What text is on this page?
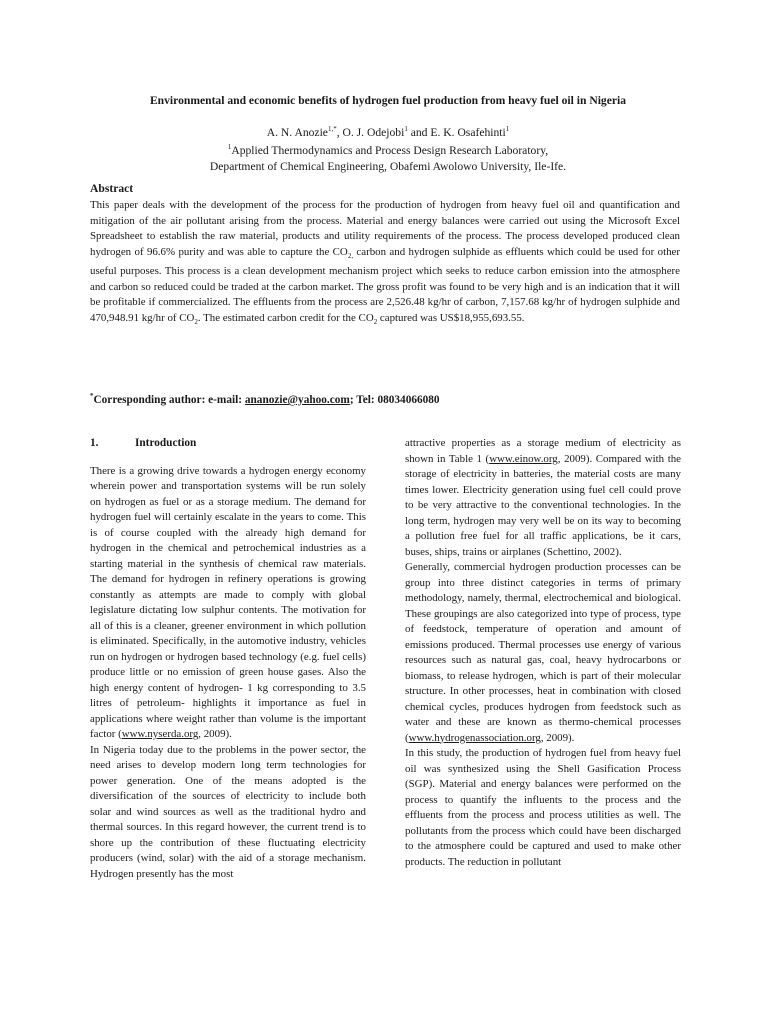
Environmental and economic benefits of hydrogen fuel production from heavy fuel oil in Nigeria
A. N. Anozie$^{1,*}$, O. J. Odejobi$^1$ and E. K. Osafehinti$^1$
$^1$Applied Thermodynamics and Process Design Research Laboratory,
Department of Chemical Engineering, Obafemi Awolowo University, Ile-Ife.
Abstract
This paper deals with the development of the process for the production of hydrogen from heavy fuel oil and quantification and mitigation of the air pollutant arising from the process. Material and energy balances were carried out using the Microsoft Excel Spreadsheet to establish the raw material, products and utility requirements of the process. The process developed produced clean hydrogen of 96.6% purity and was able to capture the $CO_{2,}$ carbon and hydrogen sulphide as effluents which could be used for other useful purposes. This process is a clean development mechanism project which seeks to reduce carbon emission into the atmosphere and carbon so reduced could be traded at the carbon market. The gross profit was found to be very high and is an indication that it will be profitable if commercialized. The effluents from the process are 2,526.48 kg/hr of carbon, 7,157.68 kg/hr of hydrogen sulphide and 470,948.91 kg/hr of $CO_2$. The estimated carbon credit for the $CO_2$ captured was US$18,955,693.55.
*Corresponding author: e-mail: ananozie@yahoo.com; Tel: 08034066080

1.	Introduction

There is a growing drive towards a hydrogen energy economy wherein power and transportation systems will be run solely on hydrogen as fuel or as a storage medium. The demand for hydrogen fuel will certainly escalate in the years to come. This is of course coupled with the already high demand for hydrogen in the chemical and petrochemical industries as a starting material in the synthesis of chemical raw materials. The demand for hydrogen in refinery operations is growing constantly as attempts are made to comply with global legislature dictating low sulphur contents. The motivation for all of this is a cleaner, greener environment in which pollution is eliminated. Specifically, in the automotive industry, vehicles run on hydrogen or hydrogen based technology (e.g. fuel cells) produce little or no emission of green house gases. Also the high energy content of hydrogen- 1 kg corresponding to 3.5 litres of petroleum- highlights it importance as fuel in applications where weight rather than volume is the important factor (www.nyserda.org, 2009).

In Nigeria today due to the problems in the power sector, the need arises to develop modern long term technologies for power generation. One of the means adopted is the diversification of the sources of electricity to include both solar and wind sources as well as the traditional hydro and thermal sources. In this regard however, the current trend is to shore up the contribution of these fluctuating electricity producers (wind, solar) with the aid of a storage mechanism. Hydrogen presently has the most

attractive properties as a storage medium of electricity as shown in Table 1 (www.einow.org, 2009). Compared with the storage of electricity in batteries, the material costs are many times lower. Electricity generation using fuel cell could prove to be very attractive to the conventional technologies. In the long term, hydrogen may very well be on its way to becoming a pollution free fuel for all traffic applications, be it cars, buses, ships, trains or airplanes (Schettino, 2002).

Generally, commercial hydrogen production processes can be group into three distinct categories in terms of primary methodology, namely, thermal, electrochemical and biological. These groupings are also categorized into type of process, type of feedstock, temperature of operation and amount of emissions produced. Thermal processes use energy of various resources such as natural gas, coal, heavy hydrocarbons or biomass, to release hydrogen, which is part of their molecular structure. In other processes, heat in combination with closed chemical cycles, produces hydrogen from feedstock such as water and these are known as thermo-chemical processes (www.hydrogenassociation.org, 2009).

In this study, the production of hydrogen fuel from heavy fuel oil was synthesized using the Shell Gasification Process (SGP). Material and energy balances were performed on the process to quantify the influents to the process and the effluents from the process and process utilities as well. The pollutants from the process which could have been discharged to the atmosphere could be captured and used to make other products. The reduction in pollutant
